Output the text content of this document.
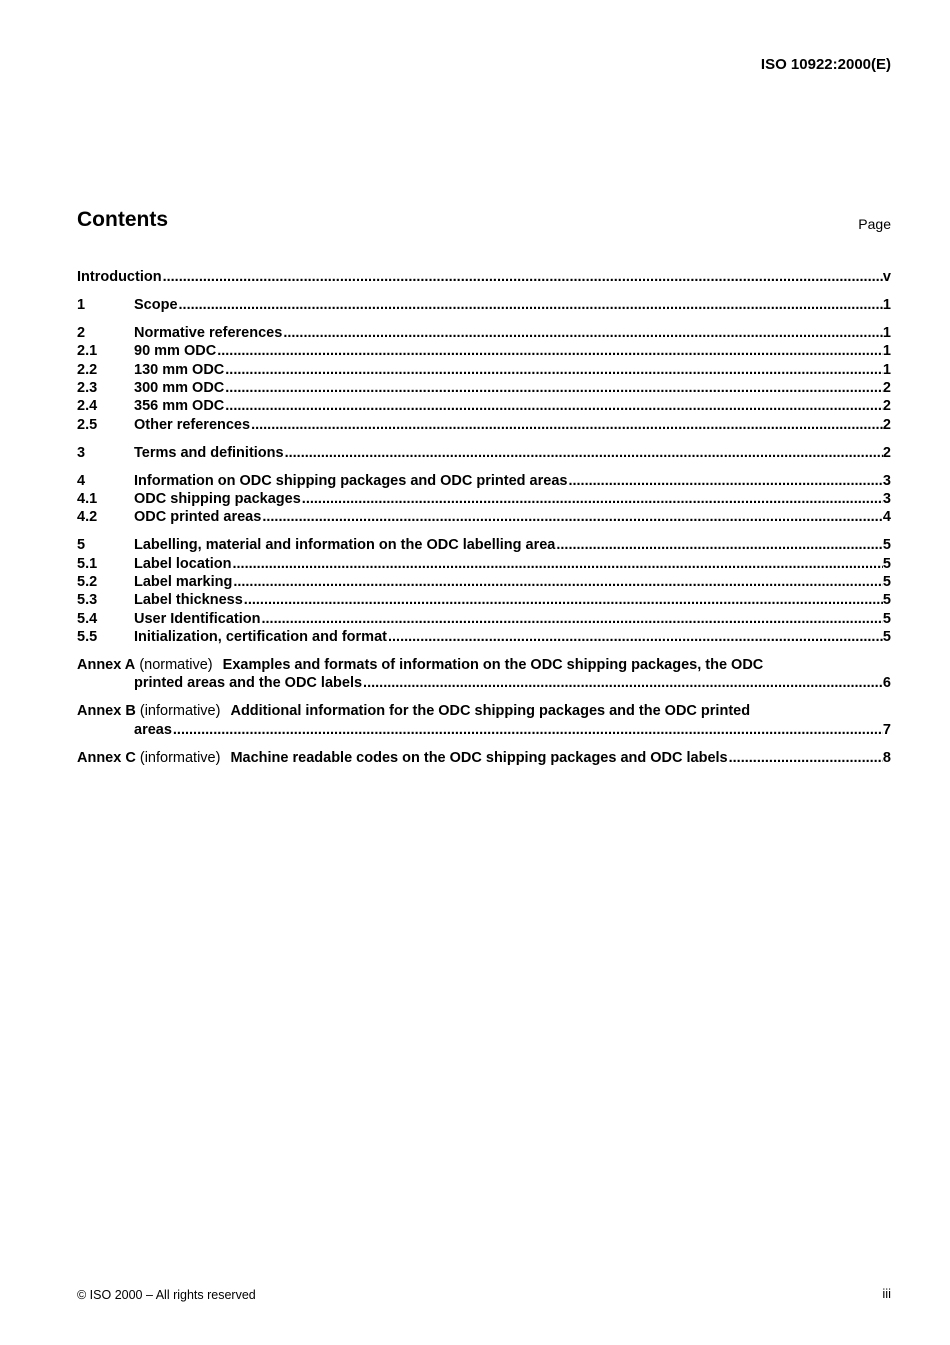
ISO 10922:2000(E)
Contents	Page
Introduction .....	v
1	Scope .....	1
2	Normative references .....	1
2.1	90 mm ODC .....	1
2.2	130 mm ODC .....	1
2.3	300 mm ODC .....	2
2.4	356 mm ODC .....	2
2.5	Other references .....	2
3	Terms and definitions .....	2
4	Information on ODC shipping packages and ODC printed areas .....	3
4.1	ODC shipping packages .....	3
4.2	ODC printed areas .....	4
5	Labelling, material and information on the ODC labelling area .....	5
5.1	Label location .....	5
5.2	Label marking .....	5
5.3	Label thickness .....	5
5.4	User Identification .....	5
5.5	Initialization, certification and format .....	5
Annex A (normative) Examples and formats of information on the ODC shipping packages, the ODC
printed areas and the ODC labels .....	6
Annex B (informative) Additional information for the ODC shipping packages and the ODC printed
areas .....	7
Annex C (informative) Machine readable codes on the ODC shipping packages and ODC labels .....	8
© ISO 2000 – All rights reserved	iii
